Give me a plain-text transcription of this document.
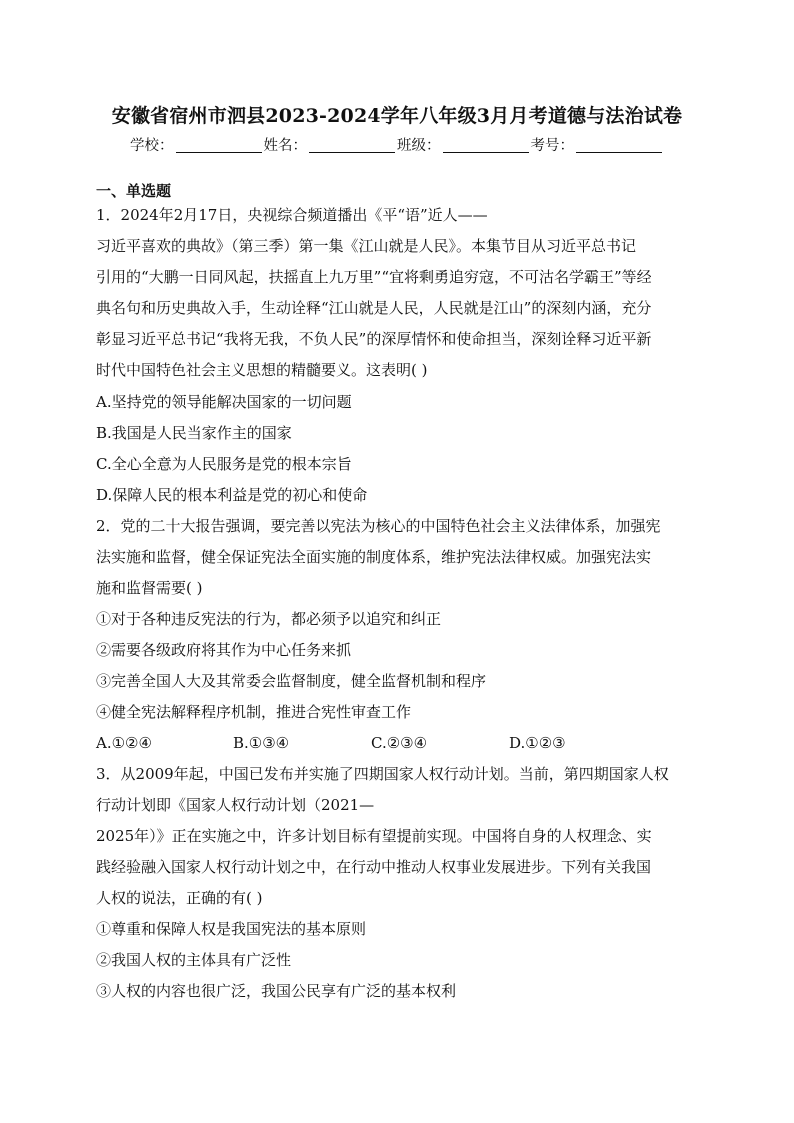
安徽省宿州市泗县2023-2024学年八年级3月月考道德与法治试卷
学校：	姓名：	班级：	考号：
一、单选题
1．2024年2月17日，央视综合频道播出《平“语”近人——
习近平喜欢的典故》（第三季）第一集《江山就是人民》。本集节目从习近平总书记
引用的“大鹏一日同风起，扶摇直上九万里”“宜将剩勇追穷寇，不可沽名学霸王”等经
典名句和历史典故入手，生动诠释“江山就是人民，人民就是江山”的深刻内涵，充分
彰显习近平总书记“我将无我，不负人民”的深厚情怀和使命担当，深刻诠释习近平新
时代中国特色社会主义思想的精髓要义。这表明( )
A.坚持党的领导能解决国家的一切问题
B.我国是人民当家作主的国家
C.全心全意为人民服务是党的根本宗旨
D.保障人民的根本利益是党的初心和使命
2．党的二十大报告强调，要完善以宪法为核心的中国特色社会主义法律体系，加强宪
法实施和监督，健全保证宪法全面实施的制度体系，维护宪法法律权威。加强宪法实
施和监督需要( )
①对于各种违反宪法的行为，都必须予以追究和纠正
②需要各级政府将其作为中心任务来抓
③完善全国人大及其常委会监督制度，健全监督机制和程序
④健全宪法解释程序机制，推进合宪性审查工作
A.①②④	B.①③④	C.②③④	D.①②③
3．从2009年起，中国已发布并实施了四期国家人权行动计划。当前，第四期国家人权
行动计划即《国家人权行动计划（2021—
2025年）》正在实施之中，许多计划目标有望提前实现。中国将自身的人权理念、实
践经验融入国家人权行动计划之中，在行动中推动人权事业发展进步。下列有关我国
人权的说法，正确的有( )
①尊重和保障人权是我国宪法的基本原则
②我国人权的主体具有广泛性
③人权的内容也很广泛，我国公民享有广泛的基本权利
